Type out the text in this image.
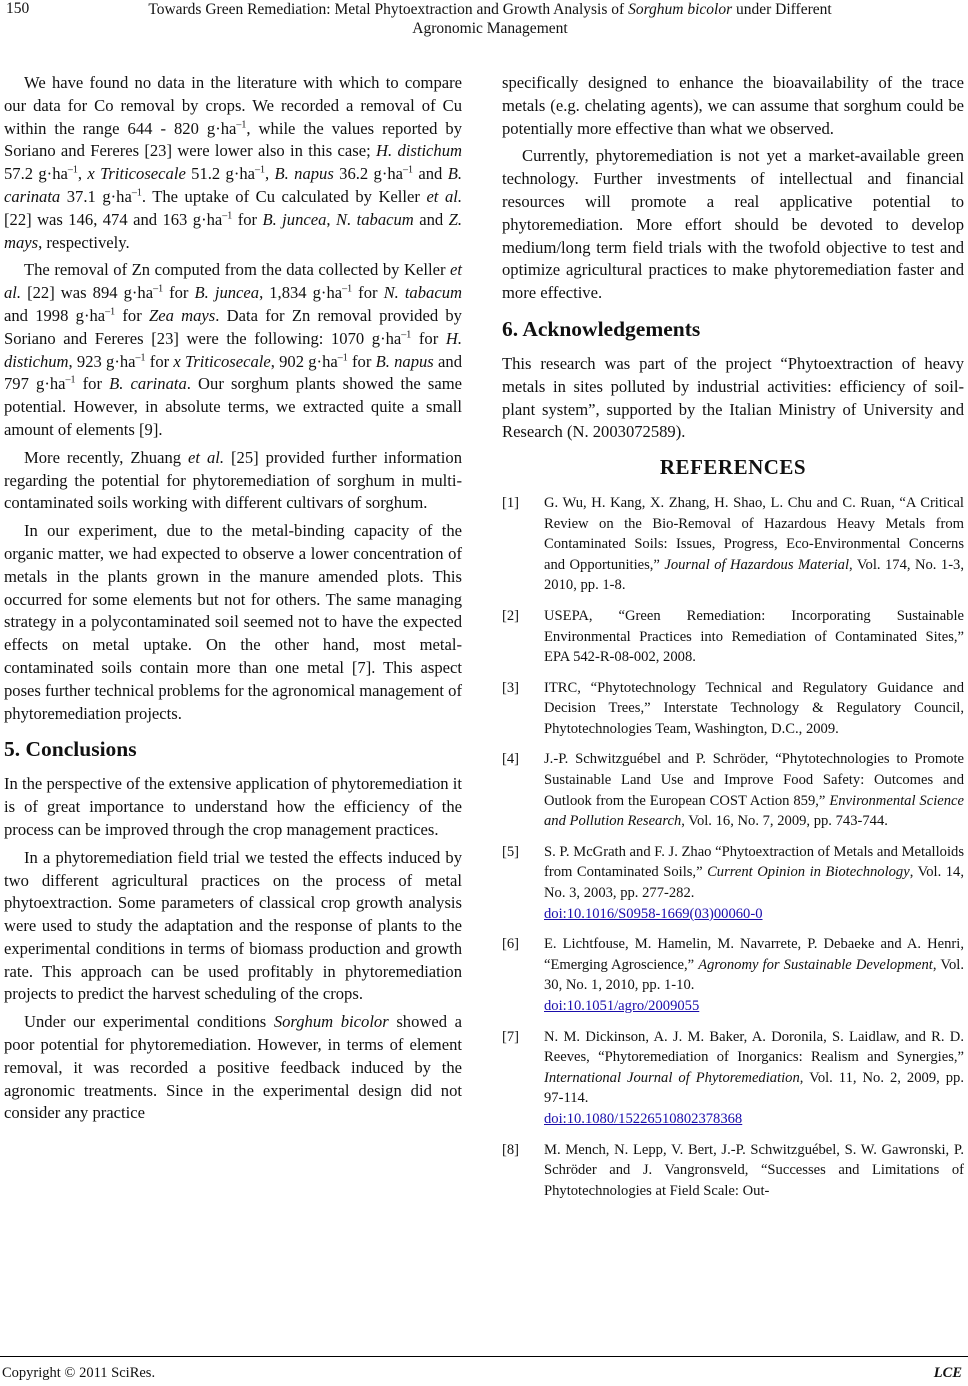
150	Towards Green Remediation: Metal Phytoextraction and Growth Analysis of Sorghum bicolor under Different
Agronomic Management

We have found no data in the literature with which to compare our data for Co removal by crops. We recorded a removal of Cu within the range 644 - 820 $g\cdot ha^{-1}$, while the values reported by Soriano and Fereres [23] were lower also in this case; H. distichum 57.2 $g\cdot ha^{-1}$, x Triticosecale 51.2 $g\cdot ha^{-1}$, B. napus 36.2 $g\cdot ha^{-1}$ and B. carinata 37.1 $g\cdot ha^{-1}$. The uptake of Cu calculated by Keller et al. [22] was 146, 474 and 163 $g\cdot ha^{-1}$ for B. juncea, N. tabacum and Z. mays, respectively.

The removal of Zn computed from the data collected by Keller et al. [22] was 894 $g\cdot ha^{-1}$ for B. juncea, 1,834 $g\cdot ha^{-1}$ for N. tabacum and 1998 $g\cdot ha^{-1}$ for Zea mays. Data for Zn removal provided by Soriano and Fereres [23] were the following: 1070 $g\cdot ha^{-1}$ for H. distichum, 923 $g\cdot ha^{-1}$ for x Triticosecale, 902 $g\cdot ha^{-1}$ for B. napus and 797 $g\cdot ha^{-1}$ for B. carinata. Our sorghum plants showed the same potential. However, in absolute terms, we extracted quite a small amount of elements [9].

More recently, Zhuang et al. [25] provided further information regarding the potential for phytoremediation of sorghum in multi-contaminated soils working with different cultivars of sorghum.

In our experiment, due to the metal-binding capacity of the organic matter, we had expected to observe a lower concentration of metals in the plants grown in the manure amended plots. This occurred for some elements but not for others. The same managing strategy in a polycontaminated soil seemed not to have the expected effects on metal uptake. On the other hand, most metal-contaminated soils contain more than one metal [7]. This aspect poses further technical problems for the agronomical management of phytoremediation projects.

5. Conclusions

In the perspective of the extensive application of phytoremediation it is of great importance to understand how the efficiency of the process can be improved through the crop management practices.

In a phytoremediation field trial we tested the effects induced by two different agricultural practices on the process of metal phytoextraction. Some parameters of classical crop growth analysis were used to study the adaptation and the response of plants to the experimental conditions in terms of biomass production and growth rate. This approach can be used profitably in phytoremediation projects to predict the harvest scheduling of the crops.

Under our experimental conditions Sorghum bicolor showed a poor potential for phytoremediation. However, in terms of element removal, it was recorded a positive feedback induced by the agronomic treatments. Since in the experimental design did not consider any practice

specifically designed to enhance the bioavailability of the trace metals (e.g. chelating agents), we can assume that sorghum could be potentially more effective than what we observed.

Currently, phytoremediation is not yet a market-available green technology. Further investments of intellectual and financial resources will promote a real applicative potential to phytoremediation. More effort should be devoted to develop medium/long term field trials with the twofold objective to test and optimize agricultural practices to make phytoremediation faster and more effective.

6. Acknowledgements

This research was part of the project “Phytoextraction of heavy metals in sites polluted by industrial activities: efficiency of soil-plant system”, supported by the Italian Ministry of University and Research (N. 2003072589).

REFERENCES
[1]	G. Wu, H. Kang, X. Zhang, H. Shao, L. Chu and C. Ruan, “A Critical Review on the Bio-Removal of Hazardous Heavy Metals from Contaminated Soils: Issues, Progress, Eco-Environmental Concerns and Opportunities,” Journal of Hazardous Material, Vol. 174, No. 1-3, 2010, pp. 1-8.
[2]	USEPA, “Green Remediation: Incorporating Sustainable Environmental Practices into Remediation of Contaminated Sites,” EPA 542-R-08-002, 2008.
[3]	ITRC, “Phytotechnology Technical and Regulatory Guidance and Decision Trees,” Interstate Technology & Regulatory Council, Phytotechnologies Team, Washington, D.C., 2009.
[4]	J.-P. Schwitzguébel and P. Schröder, “Phytotechnologies to Promote Sustainable Land Use and Improve Food Safety: Outcomes and Outlook from the European COST Action 859,” Environmental Science and Pollution Research, Vol. 16, No. 7, 2009, pp. 743-744.
[5]	S. P. McGrath and F. J. Zhao “Phytoextraction of Metals and Metalloids from Contaminated Soils,” Current Opinion in Biotechnology, Vol. 14, No. 3, 2003, pp. 277-282.
doi:10.1016/S0958-1669(03)00060-0
[6]	E. Lichtfouse, M. Hamelin, M. Navarrete, P. Debaeke and A. Henri, “Emerging Agroscience,” Agronomy for Sustainable Development, Vol. 30, No. 1, 2010, pp. 1-10.
doi:10.1051/agro/2009055
[7]	N. M. Dickinson, A. J. M. Baker, A. Doronila, S. Laidlaw, and R. D. Reeves, “Phytoremediation of Inorganics: Realism and Synergies,” International Journal of Phytoremediation, Vol. 11, No. 2, 2009, pp. 97-114.
doi:10.1080/15226510802378368
[8]	M. Mench, N. Lepp, V. Bert, J.-P. Schwitzguébel, S. W. Gawronski, P. Schröder and J. Vangronsveld, “Successes and Limitations of Phytotechnologies at Field Scale: Out-
Copyright © 2011 SciRes.	LCE
